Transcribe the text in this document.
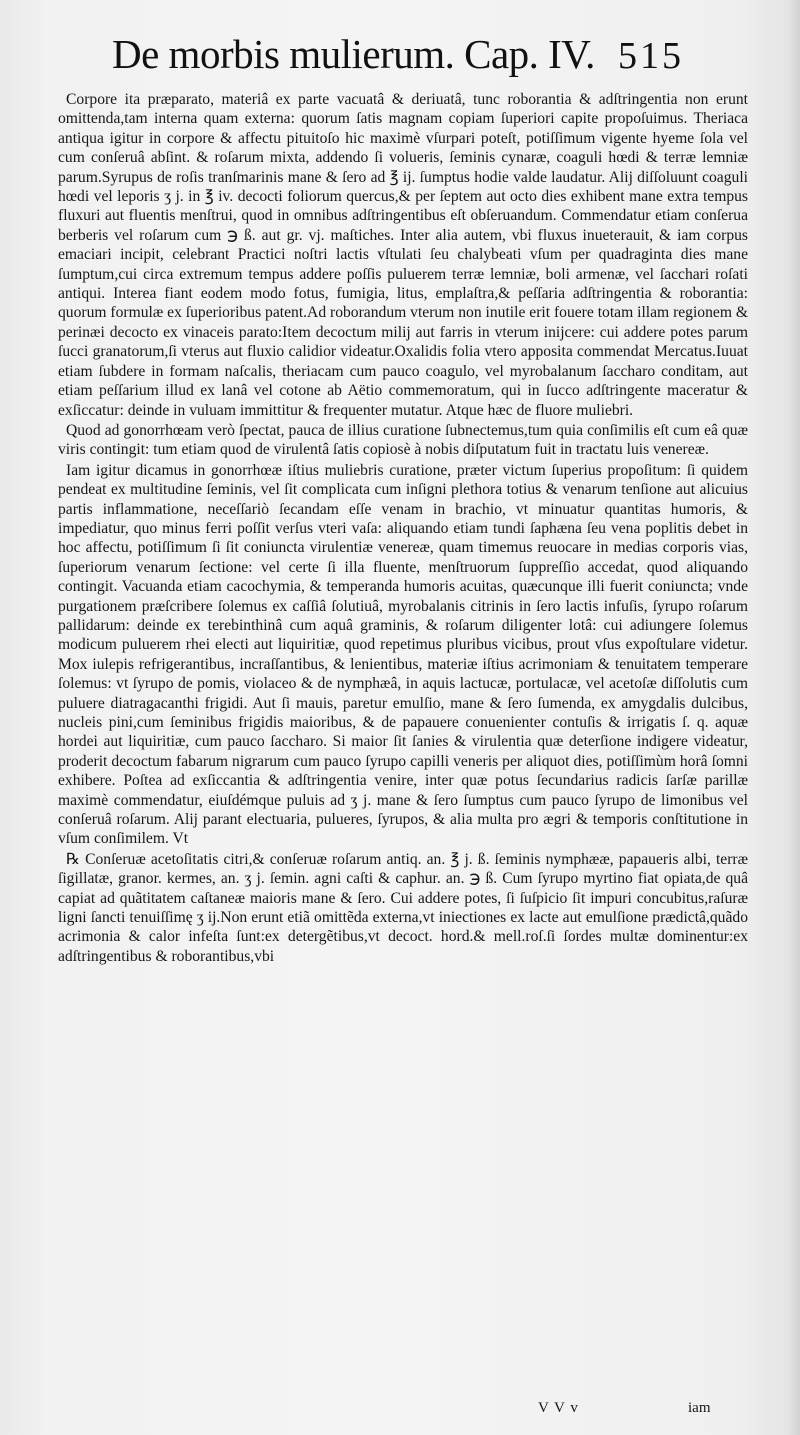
De morbis mulierum. Cap. IV. 515

Corpore ita præparato, materiâ ex parte vacuatâ & deriuatâ, tunc roborantia & adſtringentia non erunt omittenda,tam interna quam externa: quorum ſatis magnam copiam ſuperiori capite propoſuimus. Theriaca antiqua igitur in corpore & affectu pituitoſo hic maximè vſurpari poteſt, potiſſimum vigente hyeme ſola vel cum conſeruâ abſint. & roſarum mixta, addendo ſi volueris, ſeminis cynaræ, coaguli hœdi & terræ lemniæ parum.Syrupus de roſis tranſmarinis mane & ſero ad ℥ ij. ſumptus hodie valde laudatur. Alij diſſoluunt coaguli hœdi vel leporis ʒ j. in ℥ iv. decocti foliorum quercus,& per ſeptem aut octo dies exhibent mane extra tempus fluxuri aut fluentis menſtrui, quod in omnibus adſtringentibus eſt obſeruandum. Commendatur etiam conſerua berberis vel roſarum cum ℈ ß. aut gr. vj. maſtiches. Inter alia autem, vbi fluxus inueterauit, & iam corpus emaciari incipit, celebrant Practici noſtri lactis vſtulati ſeu chalybeati vſum per quadraginta dies mane ſumptum,cui circa extremum tempus addere poſſis puluerem terræ lemniæ, boli armenæ, vel ſacchari roſati antiqui. Interea fiant eodem modo fotus, fumigia, litus, emplaſtra,& peſſaria adſtringentia & roborantia: quorum formulæ ex ſuperioribus patent.Ad roborandum vterum non inutile erit fouere totam illam regionem & perinæi decocto ex vinaceis parato:Item decoctum milij aut farris in vterum inijcere: cui addere potes parum ſucci granatorum,ſi vterus aut fluxio calidior videatur.Oxalidis folia vtero apposita commendat Mercatus.Iuuat etiam ſubdere in formam naſcalis, theriacam cum pauco coagulo, vel myrobalanum ſaccharo conditam, aut etiam peſſarium illud ex lanâ vel cotone ab Aëtio commemoratum, qui in ſucco adſtringente maceratur & exſiccatur: deinde in vuluam immittitur & frequenter mutatur. Atque hæc de fluore muliebri.

Quod ad gonorrhœam verò ſpectat, pauca de illius curatione ſubnectemus,tum quia conſimilis eſt cum eâ quæ viris contingit: tum etiam quod de virulentâ ſatis copiosè à nobis diſputatum fuit in tractatu luis venereæ.

Iam igitur dicamus in gonorrhœæ iſtius muliebris curatione, præter victum ſuperius propoſitum: ſi quidem pendeat ex multitudine ſeminis, vel ſit complicata cum inſigni plethora totius & venarum tenſione aut alicuius partis inflammatione, neceſſariò ſecandam eſſe venam in brachio, vt minuatur quantitas humoris, & impediatur, quo minus ferri poſſit verſus vteri vaſa: aliquando etiam tundi ſaphæna ſeu vena poplitis debet in hoc affectu, potiſſimum ſi ſit coniuncta virulentiæ venereæ, quam timemus reuocare in medias corporis vias, ſuperiorum venarum ſectione: vel certe ſi illa fluente, menſtruorum ſuppreſſio accedat, quod aliquando contingit. Vacuanda etiam cacochymia, & temperanda humoris acuitas, quæcunque illi fuerit coniuncta; vnde purgationem præſcribere ſolemus ex caſſiâ ſolutiuâ, myrobalanis citrinis in ſero lactis infuſis, ſyrupo roſarum pallidarum: deinde ex terebinthinâ cum aquâ graminis, & roſarum diligenter lotâ: cui adiungere ſolemus modicum puluerem rhei electi aut liquiritiæ, quod repetimus pluribus vicibus, prout vſus expoſtulare videtur. Mox iulepis refrigerantibus, incraſſantibus, & lenientibus, materiæ iſtius acrimoniam & tenuitatem temperare ſolemus: vt ſyrupo de pomis, violaceo & de nymphæâ, in aquis lactucæ, portulacæ, vel acetoſæ diſſolutis cum puluere diatragacanthi frigidi. Aut ſi mauis, paretur emulſio, mane & ſero ſumenda, ex amygdalis dulcibus, nucleis pini,cum ſeminibus frigidis maioribus, & de papauere conuenienter contuſis & irrigatis ſ. q. aquæ hordei aut liquiritiæ, cum pauco ſaccharo. Si maior ſit ſanies & virulentia quæ deterſione indigere videatur, proderit decoctum fabarum nigrarum cum pauco ſyrupo capilli veneris per aliquot dies, potiſſimùm horâ ſomni exhibere. Poſtea ad exſiccantia & adſtringentia venire, inter quæ potus ſecundarius radicis ſarſæ parillæ maximè commendatur, eiuſdémque puluis ad ʒ j. mane & ſero ſumptus cum pauco ſyrupo de limonibus vel conſeruâ roſarum. Alij parant electuaria, pulueres, ſyrupos, & alia multa pro ægri & temporis conſtitutione in vſum conſimilem. Vt

℞ Conſeruæ acetoſitatis citri,& conſeruæ roſarum antiq. an. ℥ j. ß. ſeminis nymphææ, papaueris albi, terræ ſigillatæ, granor. kermes, an. ʒ j. ſemin. agni caſti & caphur. an. ℈ ß. Cum ſyrupo myrtino fiat opiata,de quâ capiat ad quãtitatem caſtaneæ maioris mane & ſero. Cui addere potes, ſi ſuſpicio ſit impuri concubitus,raſuræ ligni ſancti tenuiſſimę ʒ ij.Non erunt etiã omittẽda externa,vt iniectiones ex lacte aut emulſione prædictâ,quãdo acrimonia & calor infeſta ſunt:ex detergẽtibus,vt decoct. hord.& mell.roſ.ſi ſordes multæ dominentur:ex adſtringentibus & roborantibus,vbi

V V v	iam
